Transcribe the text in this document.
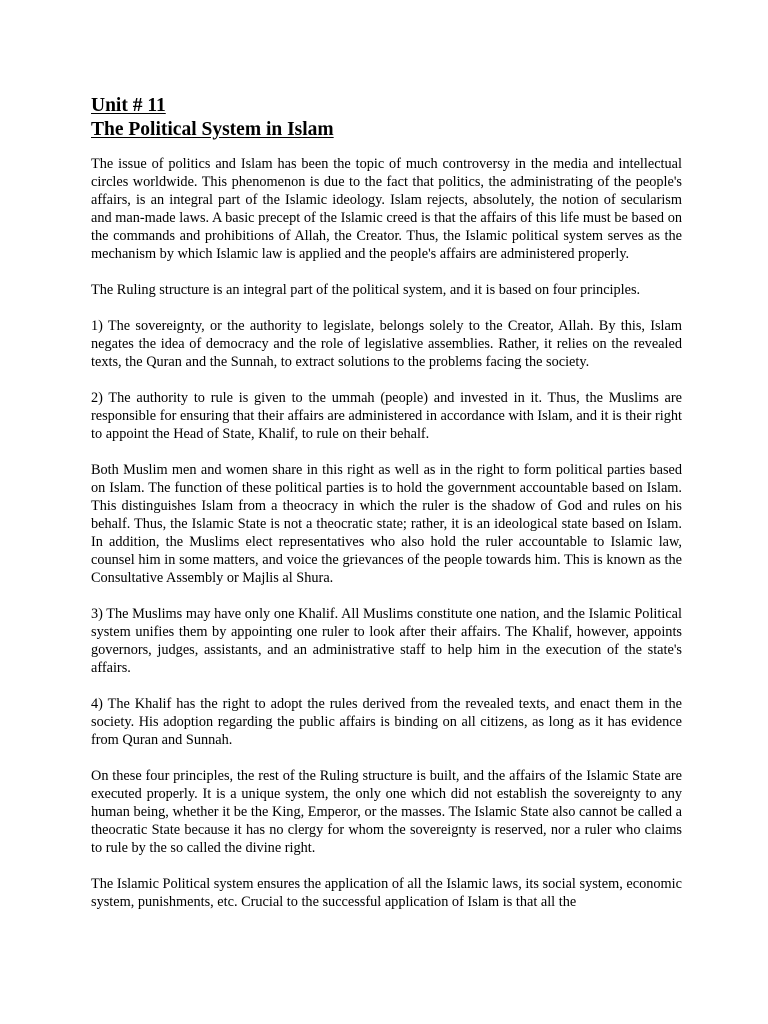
Unit # 11
The Political System in Islam

The issue of politics and Islam has been the topic of much controversy in the media and intellectual circles worldwide. This phenomenon is due to the fact that politics, the administrating of the people's affairs, is an integral part of the Islamic ideology. Islam rejects, absolutely, the notion of secularism and man-made laws. A basic precept of the Islamic creed is that the affairs of this life must be based on the commands and prohibitions of Allah, the Creator. Thus, the Islamic political system serves as the mechanism by which Islamic law is applied and the people's affairs are administered properly.

The Ruling structure is an integral part of the political system, and it is based on four principles.

1) The sovereignty, or the authority to legislate, belongs solely to the Creator, Allah. By this, Islam negates the idea of democracy and the role of legislative assemblies. Rather, it relies on the revealed texts, the Quran and the Sunnah, to extract solutions to the problems facing the society.

2) The authority to rule is given to the ummah (people) and invested in it. Thus, the Muslims are responsible for ensuring that their affairs are administered in accordance with Islam, and it is their right to appoint the Head of State, Khalif, to rule on their behalf.

Both Muslim men and women share in this right as well as in the right to form political parties based on Islam. The function of these political parties is to hold the government accountable based on Islam. This distinguishes Islam from a theocracy in which the ruler is the shadow of God and rules on his behalf. Thus, the Islamic State is not a theocratic state; rather, it is an ideological state based on Islam. In addition, the Muslims elect representatives who also hold the ruler accountable to Islamic law, counsel him in some matters, and voice the grievances of the people towards him. This is known as the Consultative Assembly or Majlis al Shura.

3) The Muslims may have only one Khalif. All Muslims constitute one nation, and the Islamic Political system unifies them by appointing one ruler to look after their affairs. The Khalif, however, appoints governors, judges, assistants, and an administrative staff to help him in the execution of the state's affairs.

4) The Khalif has the right to adopt the rules derived from the revealed texts, and enact them in the society. His adoption regarding the public affairs is binding on all citizens, as long as it has evidence from Quran and Sunnah.

On these four principles, the rest of the Ruling structure is built, and the affairs of the Islamic State are executed properly. It is a unique system, the only one which did not establish the sovereignty to any human being, whether it be the King, Emperor, or the masses. The Islamic State also cannot be called a theocratic State because it has no clergy for whom the sovereignty is reserved, nor a ruler who claims to rule by the so called the divine right.

The Islamic Political system ensures the application of all the Islamic laws, its social system, economic system, punishments, etc. Crucial to the successful application of Islam is that all the
